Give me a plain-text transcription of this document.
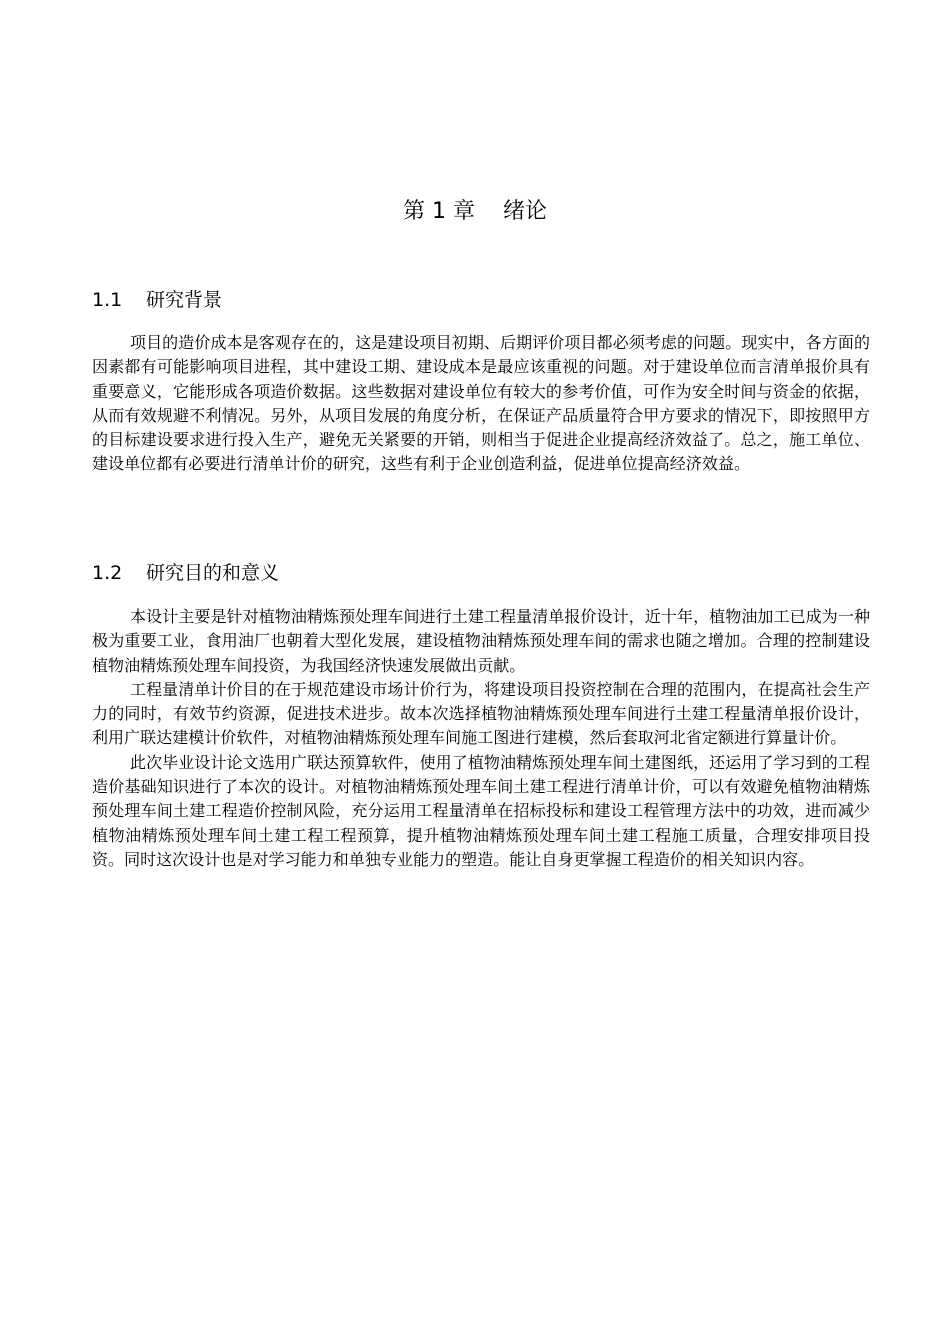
第 1 章    绪论
1.1 研究背景

项目的造价成本是客观存在的，这是建设项目初期、后期评价项目都必须考虑的问题。现实中，各方面的因素都有可能影响项目进程，其中建设工期、建设成本是最应该重视的问题。对于建设单位而言清单报价具有重要意义，它能形成各项造价数据。这些数据对建设单位有较大的参考价值，可作为安全时间与资金的依据，从而有效规避不利情况。另外，从项目发展的角度分析，在保证产品质量符合甲方要求的情况下，即按照甲方的目标建设要求进行投入生产，避免无关紧要的开销，则相当于促进企业提高经济效益了。总之，施工单位、建设单位都有必要进行清单计价的研究，这些有利于企业创造利益，促进单位提高经济效益。

1.2 研究目的和意义

本设计主要是针对植物油精炼预处理车间进行土建工程量清单报价设计，近十年，植物油加工已成为一种极为重要工业，食用油厂也朝着大型化发展，建设植物油精炼预处理车间的需求也随之增加。合理的控制建设植物油精炼预处理车间投资，为我国经济快速发展做出贡献。

工程量清单计价目的在于规范建设市场计价行为，将建设项目投资控制在合理的范围内，在提高社会生产力的同时，有效节约资源，促进技术进步。故本次选择植物油精炼预处理车间进行土建工程量清单报价设计，利用广联达建模计价软件，对植物油精炼预处理车间施工图进行建模，然后套取河北省定额进行算量计价。

此次毕业设计论文选用广联达预算软件，使用了植物油精炼预处理车间土建图纸，还运用了学习到的工程造价基础知识进行了本次的设计。对植物油精炼预处理车间土建工程进行清单计价，可以有效避免植物油精炼预处理车间土建工程造价控制风险，充分运用工程量清单在招标投标和建设工程管理方法中的功效，进而减少植物油精炼预处理车间土建工程工程预算，提升植物油精炼预处理车间土建工程施工质量，合理安排项目投资。同时这次设计也是对学习能力和单独专业能力的塑造。能让自身更掌握工程造价的相关知识内容。
